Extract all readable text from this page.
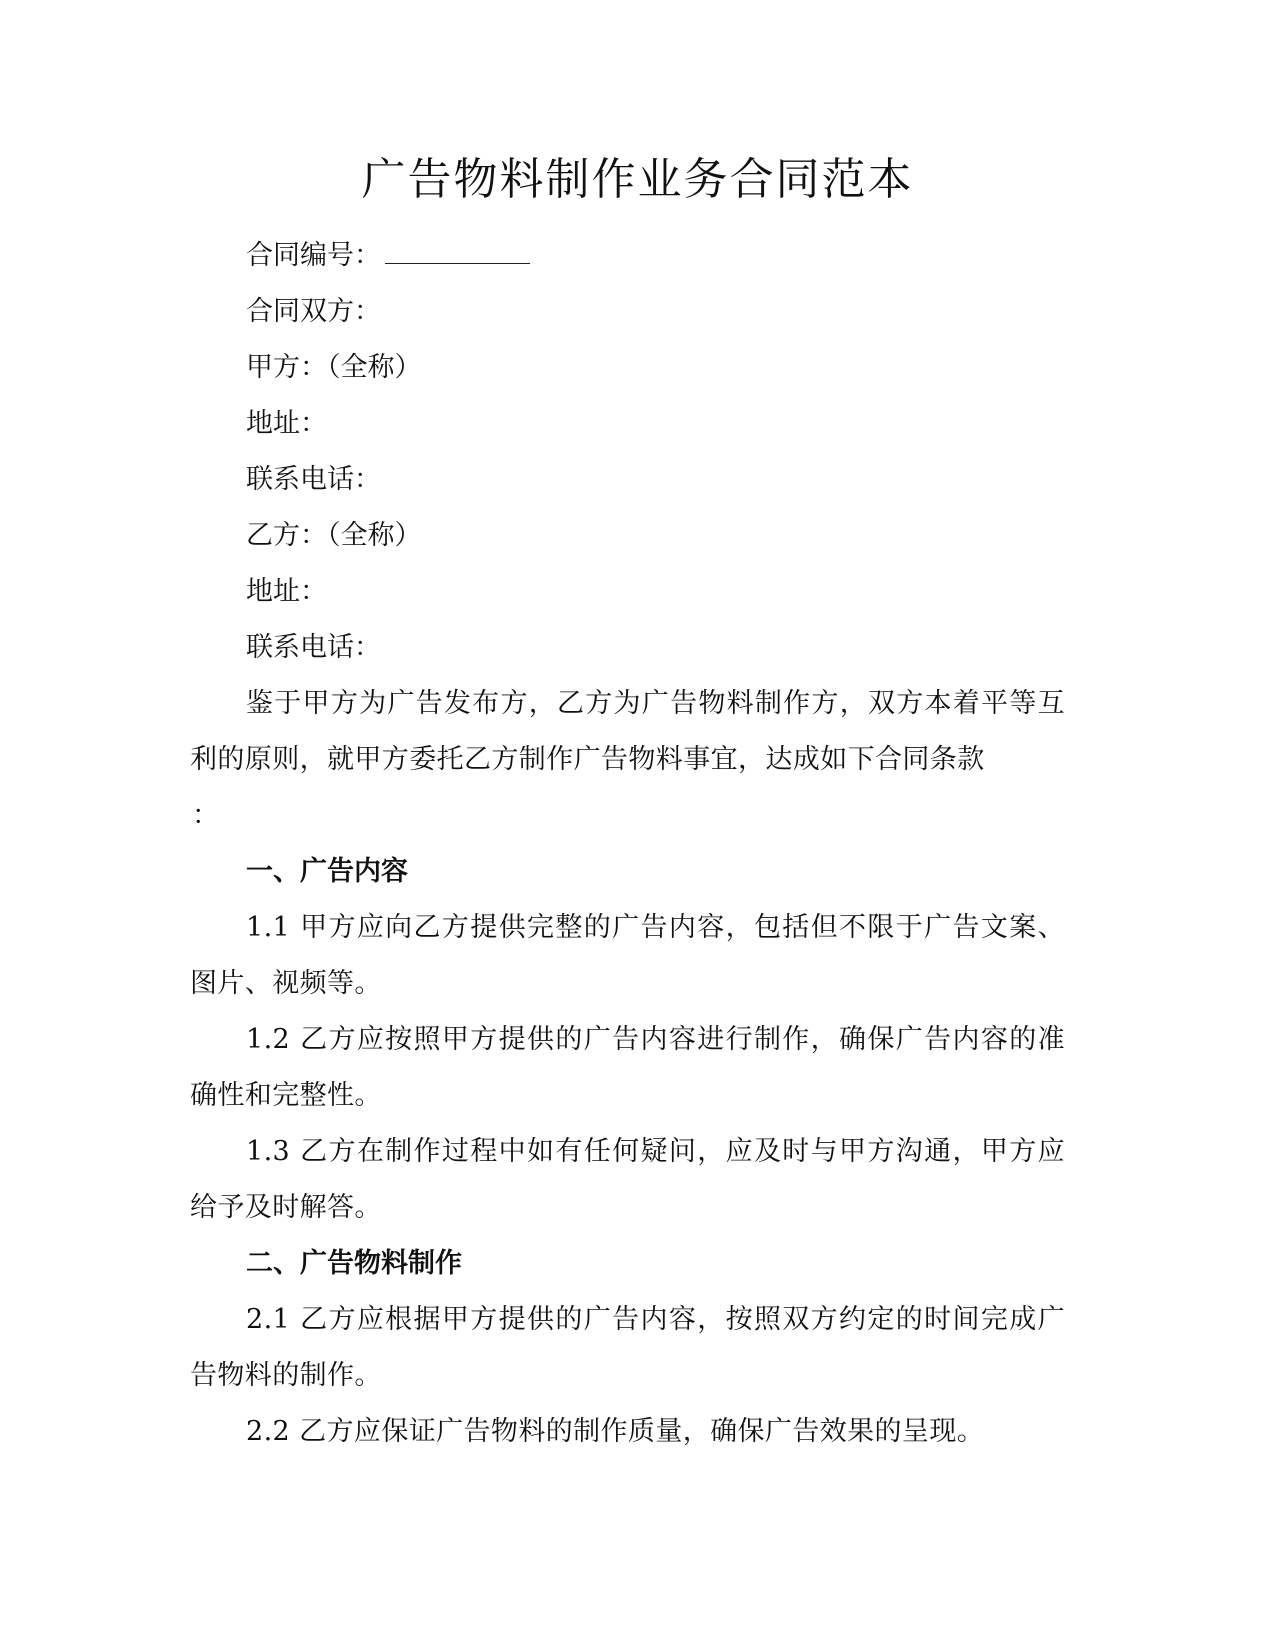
广告物料制作业务合同范本

合同编号：

合同双方：

甲方：（全称）

地址：

联系电话：

乙方：（全称）

地址：

联系电话：

鉴于甲方为广告发布方，乙方为广告物料制作方，双方本着平等互利的原则，就甲方委托乙方制作广告物料事宜，达成如下合同条款

：

一、广告内容

1.1 甲方应向乙方提供完整的广告内容，包括但不限于广告文案、图片、视频等。

1.2 乙方应按照甲方提供的广告内容进行制作，确保广告内容的准确性和完整性。

1.3 乙方在制作过程中如有任何疑问，应及时与甲方沟通，甲方应给予及时解答。

二、广告物料制作

2.1 乙方应根据甲方提供的广告内容，按照双方约定的时间完成广告物料的制作。

2.2 乙方应保证广告物料的制作质量，确保广告效果的呈现。
